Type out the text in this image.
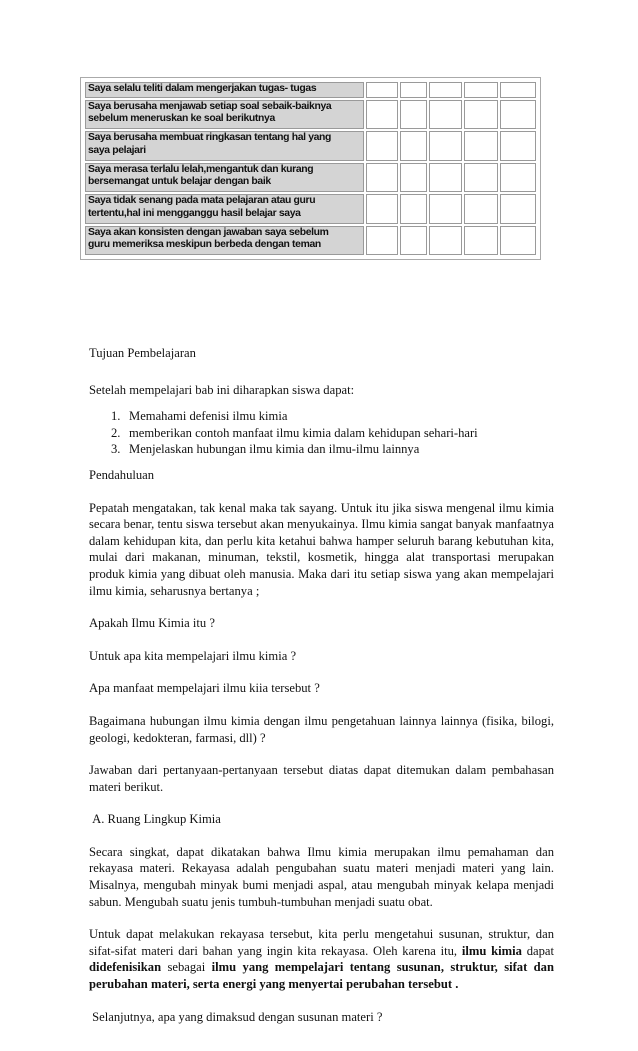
Saya selalu teliti dalam mengerjakan tugas- tugas					

Saya berusaha menjawab setiap soal sebaik-baiknya
sebelum meneruskan ke soal berikutnya					

Saya berusaha membuat ringkasan tentang hal yang
saya pelajari					

Saya merasa terlalu lelah,mengantuk dan kurang
bersemangat untuk belajar dengan baik					

Saya tidak senang pada mata pelajaran atau guru
tertentu,hal ini mengganggu hasil belajar saya					

Saya akan konsisten dengan jawaban saya sebelum
guru memeriksa meskipun berbeda dengan teman					

Tujuan Pembelajaran

Setelah mempelajari bab ini diharapkan siswa dapat:

1. Memahami defenisi ilmu kimia
2. memberikan contoh manfaat ilmu kimia dalam kehidupan sehari-hari
3. Menjelaskan hubungan ilmu kimia dan ilmu-ilmu lainnya

Pendahuluan

Pepatah mengatakan, tak kenal maka tak sayang. Untuk itu jika siswa mengenal ilmu kimia secara benar, tentu siswa tersebut akan menyukainya. Ilmu kimia sangat banyak manfaatnya dalam kehidupan kita, dan perlu kita ketahui bahwa hamper seluruh barang kebutuhan kita, mulai dari makanan, minuman, tekstil, kosmetik, hingga alat transportasi merupakan produk kimia yang dibuat oleh manusia. Maka dari itu setiap siswa yang akan mempelajari ilmu kimia, seharusnya bertanya ;

Apakah Ilmu Kimia itu ?

Untuk apa kita mempelajari ilmu kimia ?

Apa manfaat mempelajari ilmu kiia tersebut ?

Bagaimana hubungan ilmu kimia dengan ilmu pengetahuan lainnya lainnya (fisika, bilogi, geologi, kedokteran, farmasi, dll) ?

Jawaban dari pertanyaan-pertanyaan tersebut diatas dapat ditemukan dalam pembahasan materi berikut.

A. Ruang Lingkup Kimia

Secara singkat, dapat dikatakan bahwa Ilmu kimia merupakan ilmu pemahaman dan rekayasa materi. Rekayasa adalah pengubahan suatu materi menjadi materi yang lain. Misalnya, mengubah minyak bumi menjadi aspal, atau mengubah minyak kelapa menjadi sabun. Mengubah suatu jenis tumbuh-tumbuhan menjadi suatu obat.

Untuk dapat melakukan rekayasa tersebut, kita perlu mengetahui susunan, struktur, dan sifat-sifat materi dari bahan yang ingin kita rekayasa. Oleh karena itu, ilmu kimia dapat didefenisikan sebagai ilmu yang mempelajari tentang susunan, struktur, sifat dan perubahan materi, serta energi yang menyertai perubahan tersebut .

Selanjutnya, apa yang dimaksud dengan susunan materi ?
